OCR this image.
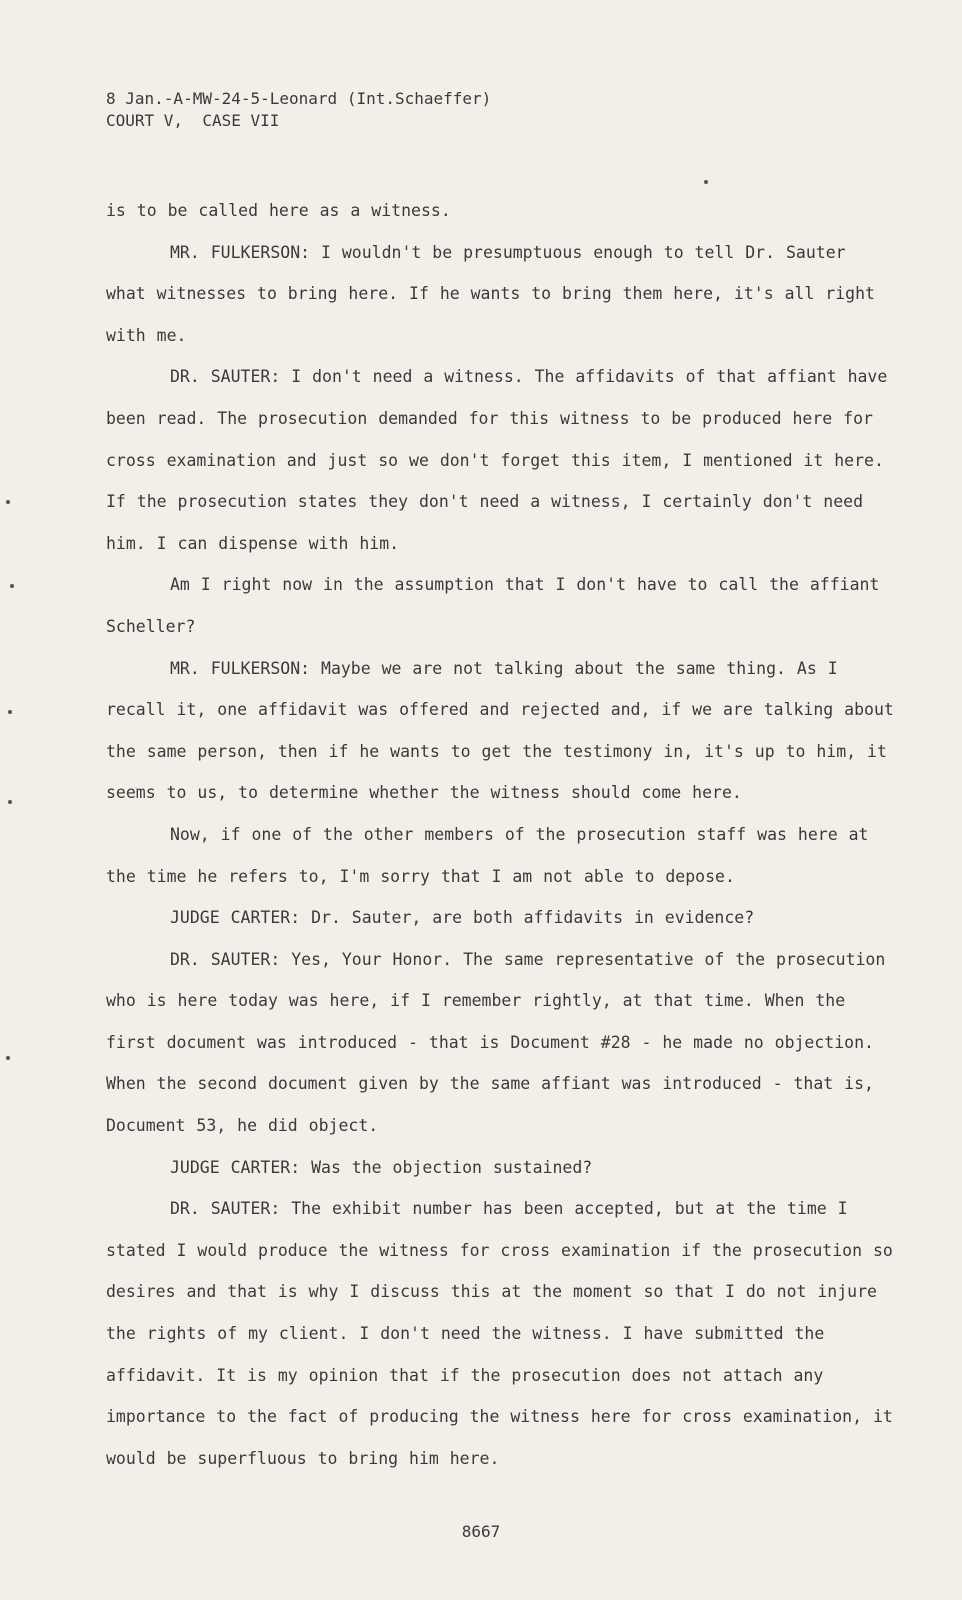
8 Jan.-A-MW-24-5-Leonard (Int.Schaeffer)
COURT V,  CASE VII

is to be called here as a witness.

MR. FULKERSON: I wouldn't be presumptuous enough to tell Dr. Sauter what witnesses to bring here. If he wants to bring them here, it's all right with me.

DR. SAUTER: I don't need a witness. The affidavits of that affiant have been read. The prosecution demanded for this witness to be produced here for cross examination and just so we don't forget this item, I mentioned it here. If the prosecution states they don't need a witness, I certainly don't need him. I can dispense with him.

Am I right now in the assumption that I don't have to call the affiant Scheller?

MR. FULKERSON: Maybe we are not talking about the same thing. As I recall it, one affidavit was offered and rejected and, if we are talking about the same person, then if he wants to get the testimony in, it's up to him, it seems to us, to determine whether the witness should come here.

Now, if one of the other members of the prosecution staff was here at the time he refers to, I'm sorry that I am not able to depose.

JUDGE CARTER: Dr. Sauter, are both affidavits in evidence?

DR. SAUTER: Yes, Your Honor. The same representative of the prosecution who is here today was here, if I remember rightly, at that time. When the first document was introduced - that is Document #28 - he made no objection. When the second document given by the same affiant was introduced - that is, Document 53, he did object.

JUDGE CARTER: Was the objection sustained?

DR. SAUTER: The exhibit number has been accepted, but at the time I stated I would produce the witness for cross examination if the prosecution so desires and that is why I discuss this at the moment so that I do not injure the rights of my client. I don't need the witness. I have submitted the affidavit. It is my opinion that if the prosecution does not attach any importance to the fact of producing the witness here for cross examination, it would be superfluous to bring him here.

8667
